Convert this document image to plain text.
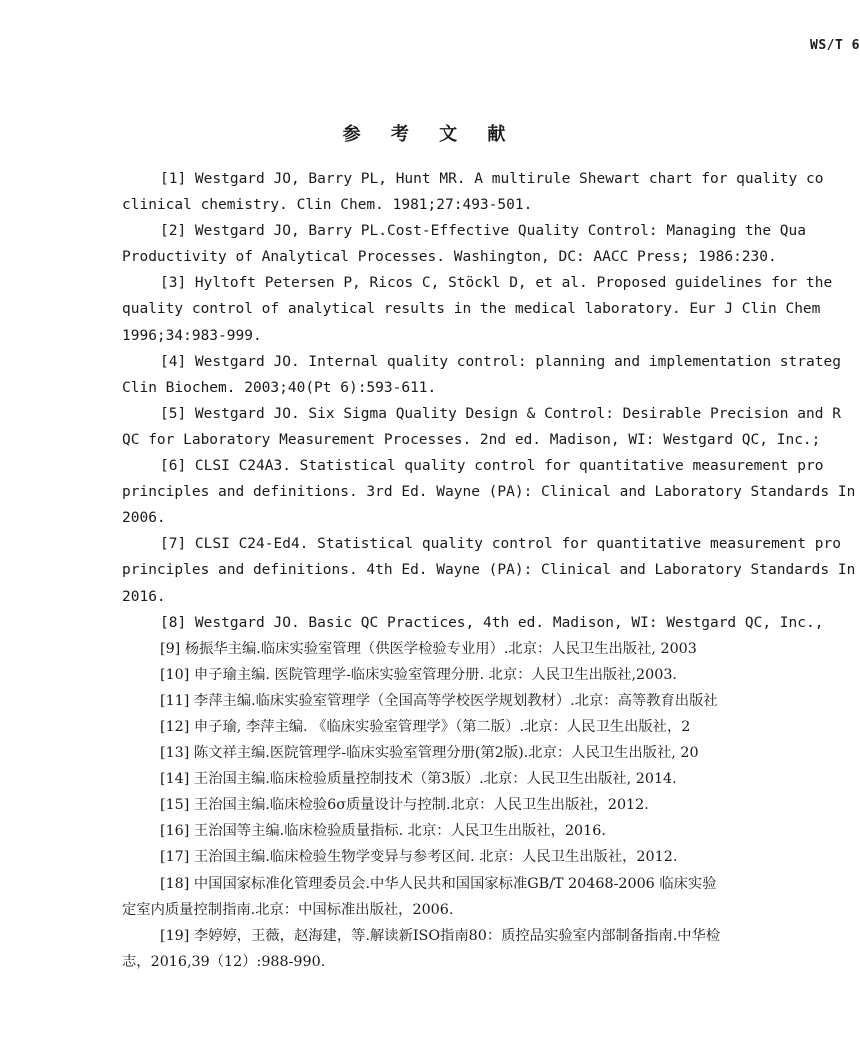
WS/T 6
参 考 文 献
[1] Westgard JO, Barry PL, Hunt MR. A multirule Shewart chart for quality co
clinical chemistry. Clin Chem. 1981;27:493-501.
[2] Westgard JO, Barry PL.Cost-Effective Quality Control: Managing the Qua
Productivity of Analytical Processes. Washington, DC: AACC Press; 1986:230.
[3] Hyltoft Petersen P, Ricos C, Stöckl D, et al. Proposed guidelines for the
quality control of analytical results in the medical laboratory. Eur J Clin Chem
1996;34:983-999.
[4] Westgard JO. Internal quality control: planning and implementation strateg
Clin Biochem. 2003;40(Pt 6):593-611.
[5] Westgard JO. Six Sigma Quality Design & Control: Desirable Precision and R
QC for Laboratory Measurement Processes. 2nd ed. Madison, WI: Westgard QC, Inc.;
[6] CLSI C24A3. Statistical quality control for quantitative measurement pro
principles and definitions. 3rd Ed. Wayne (PA): Clinical and Laboratory Standards In
2006.
[7] CLSI C24-Ed4. Statistical quality control for quantitative measurement pro
principles and definitions. 4th Ed. Wayne (PA): Clinical and Laboratory Standards In
2016.
[8] Westgard JO. Basic QC Practices, 4th ed. Madison, WI: Westgard QC, Inc.,
[9] 杨振华主编.临床实验室管理（供医学检验专业用）.北京：人民卫生出版社, 2003
[10] 申子瑜主编. 医院管理学-临床实验室管理分册. 北京：人民卫生出版社,2003.
[11] 李萍主编.临床实验室管理学（全国高等学校医学规划教材）.北京：高等教育出版社
[12] 申子瑜, 李萍主编. 《临床实验室管理学》（第二版）.北京：人民卫生出版社，2
[13] 陈文祥主编.医院管理学-临床实验室管理分册(第2版).北京：人民卫生出版社, 20
[14] 王治国主编.临床检验质量控制技术（第3版）.北京：人民卫生出版社, 2014.
[15] 王治国主编.临床检验6σ质量设计与控制.北京：人民卫生出版社，2012.
[16] 王治国等主编.临床检验质量指标. 北京：人民卫生出版社，2016.
[17] 王治国主编.临床检验生物学变异与参考区间. 北京：人民卫生出版社，2012.
[18] 中国国家标准化管理委员会.中华人民共和国国家标准GB/T 20468-2006 临床实验
定室内质量控制指南.北京：中国标准出版社，2006.
[19] 李婷婷，王薇，赵海建，等.解读新ISO指南80：质控品实验室内部制备指南.中华检
志，2016,39（12）:988-990.
